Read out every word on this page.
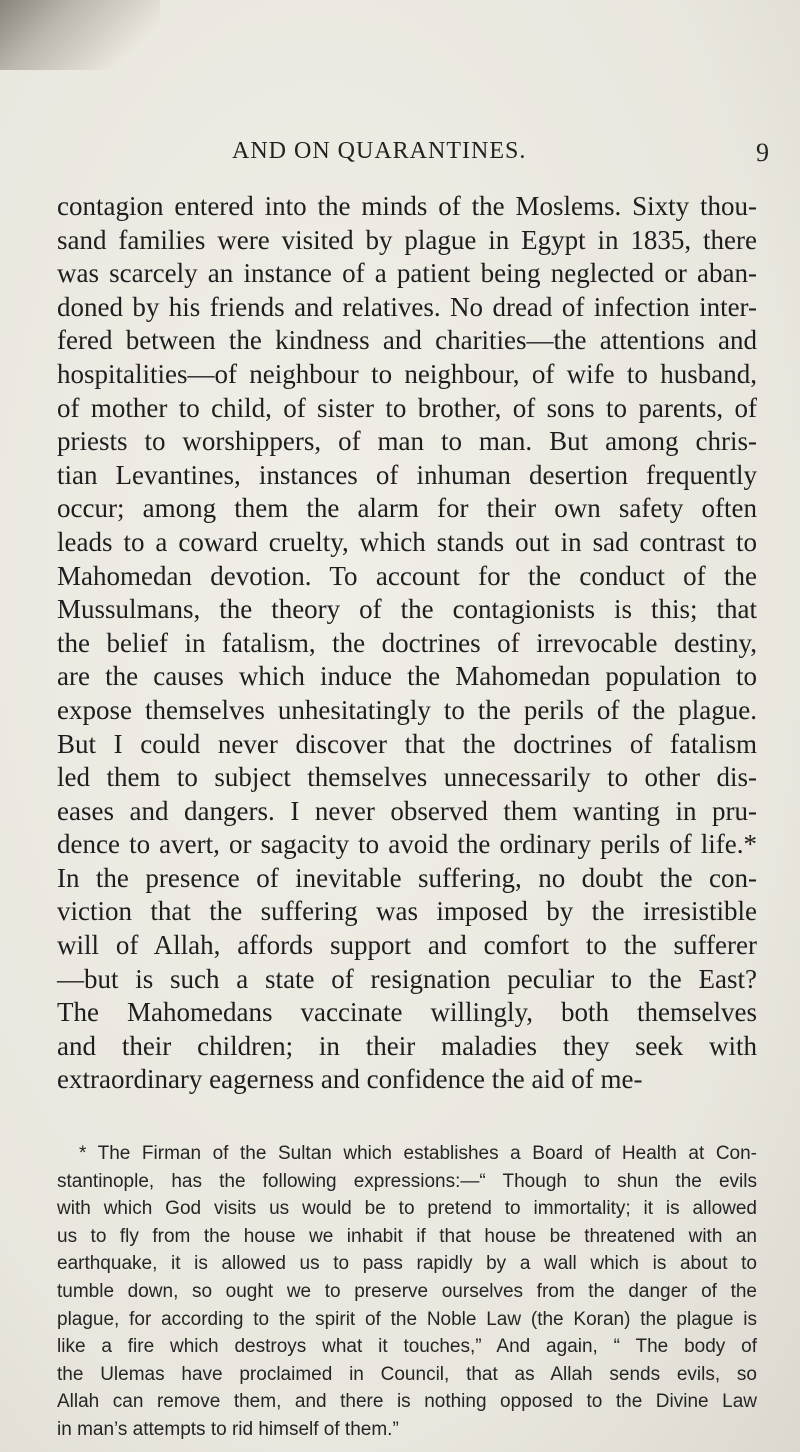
AND ON QUARANTINES.	9
contagion entered into the minds of the Moslems. Sixty thou-
sand families were visited by plague in Egypt in 1835, there
was scarcely an instance of a patient being neglected or aban-
doned by his friends and relatives. No dread of infection inter-
fered between the kindness and charities—the attentions and
hospitalities—of neighbour to neighbour, of wife to husband,
of mother to child, of sister to brother, of sons to parents, of
priests to worshippers, of man to man. But among chris-
tian Levantines, instances of inhuman desertion frequently
occur; among them the alarm for their own safety often
leads to a coward cruelty, which stands out in sad contrast to
Mahomedan devotion. To account for the conduct of the
Mussulmans, the theory of the contagionists is this; that
the belief in fatalism, the doctrines of irrevocable destiny,
are the causes which induce the Mahomedan population to
expose themselves unhesitatingly to the perils of the plague.
But I could never discover that the doctrines of fatalism
led them to subject themselves unnecessarily to other dis-
eases and dangers. I never observed them wanting in pru-
dence to avert, or sagacity to avoid the ordinary perils of life.*
In the presence of inevitable suffering, no doubt the con-
viction that the suffering was imposed by the irresistible
will of Allah, affords support and comfort to the sufferer
—but is such a state of resignation peculiar to the East?
The Mahomedans vaccinate willingly, both themselves
and their children; in their maladies they seek with
extraordinary eagerness and confidence the aid of me-
* The Firman of the Sultan which establishes a Board of Health at Con-
stantinople, has the following expressions:—“ Though to shun the evils
with which God visits us would be to pretend to immortality; it is allowed
us to fly from the house we inhabit if that house be threatened with an
earthquake, it is allowed us to pass rapidly by a wall which is about to
tumble down, so ought we to preserve ourselves from the danger of the
plague, for according to the spirit of the Noble Law (the Koran) the plague is
like a fire which destroys what it touches,” And again, “ The body of
the Ulemas have proclaimed in Council, that as Allah sends evils, so
Allah can remove them, and there is nothing opposed to the Divine Law
in man’s attempts to rid himself of them.”
